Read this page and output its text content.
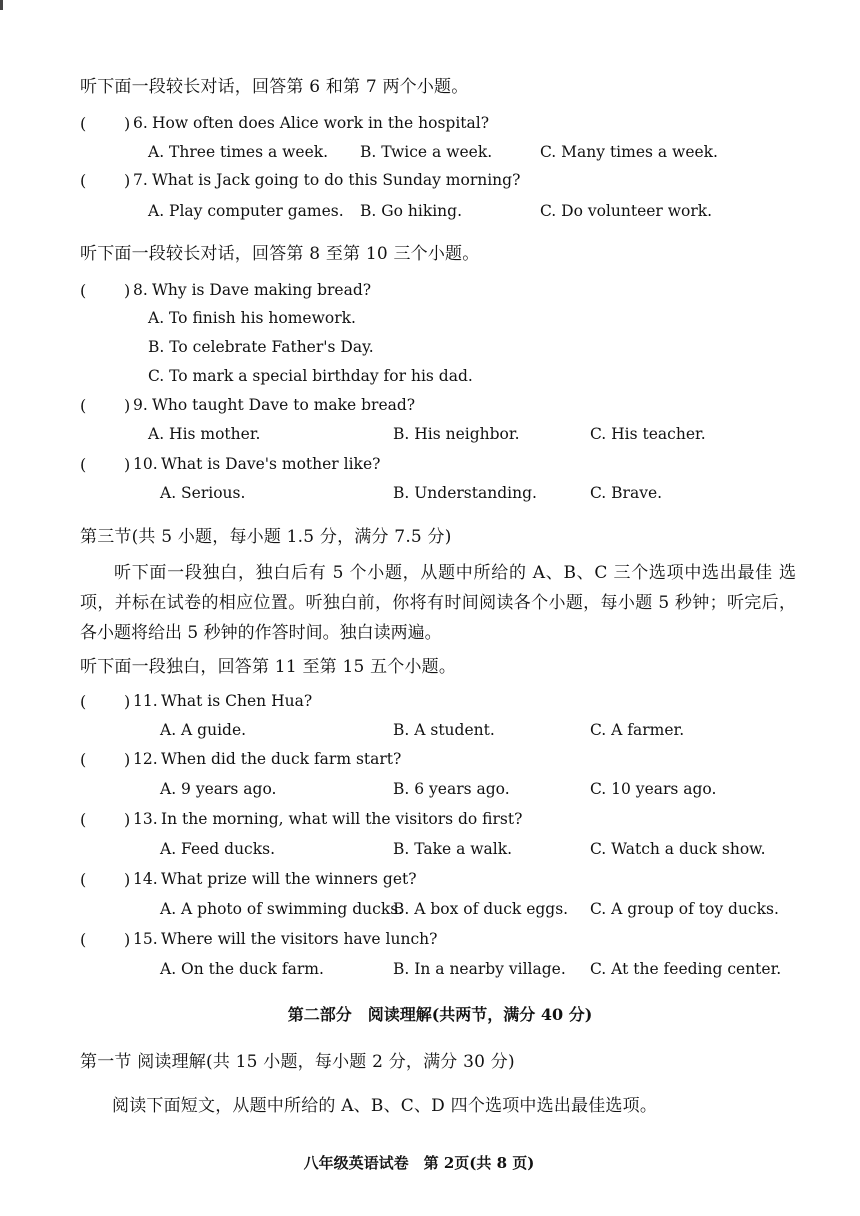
听下面一段较长对话，回答第 6 和第 7 两个小题。
( ) 6. How often does Alice work in the hospital?
A. Three times a week. B. Twice a week.	C. Many times a week.
( ) 7. What is Jack going to do this Sunday morning?
A. Play computer games. B. Go hiking.	C. Do volunteer work.
听下面一段较长对话，回答第 8 至第 10 三个小题。
( ) 8. Why is Dave making bread?
A. To finish his homework.
B. To celebrate Father's Day.
C. To mark a special birthday for his dad.
( ) 9. Who taught Dave to make bread?
A. His mother.	B. His neighbor.	C. His teacher.
( ) 10. What is Dave's mother like?
A. Serious.	B. Understanding.	C. Brave.
第三节(共 5 小题，每小题 1.5 分，满分 7.5 分)
听下面一段独白，独白后有 5 个小题，从题中所给的 A、B、C 三个选项中选出最佳 选项，并标在试卷的相应位置。听独白前，你将有时间阅读各个小题，每小题 5 秒钟；听完后，各小题将给出 5 秒钟的作答时间。独白读两遍。
听下面一段独白，回答第 11 至第 15 五个小题。
( ) 11. What is Chen Hua?
A. A guide.	B. A student.	C. A farmer.
( ) 12. When did the duck farm start?
A. 9 years ago.	B. 6 years ago.	C. 10 years ago.
( ) 13. In the morning, what will the visitors do first?
A. Feed ducks.	B. Take a walk.	C. Watch a duck show.
( ) 14. What prize will the winners get?
A. A photo of swimming ducks.
B. A box of duck eggs. C. A group of toy ducks.
( ) 15. Where will the visitors have lunch?
A. On the duck farm.	B. In a nearby village. C. At the feeding center.
第二部分　阅读理解(共两节，满分 40 分)
第一节 阅读理解(共 15 小题，每小题 2 分，满分 30 分)
阅读下面短文，从题中所给的 A、B、C、D 四个选项中选出最佳选项。
八年级英语试卷　第 2页(共 8 页)
